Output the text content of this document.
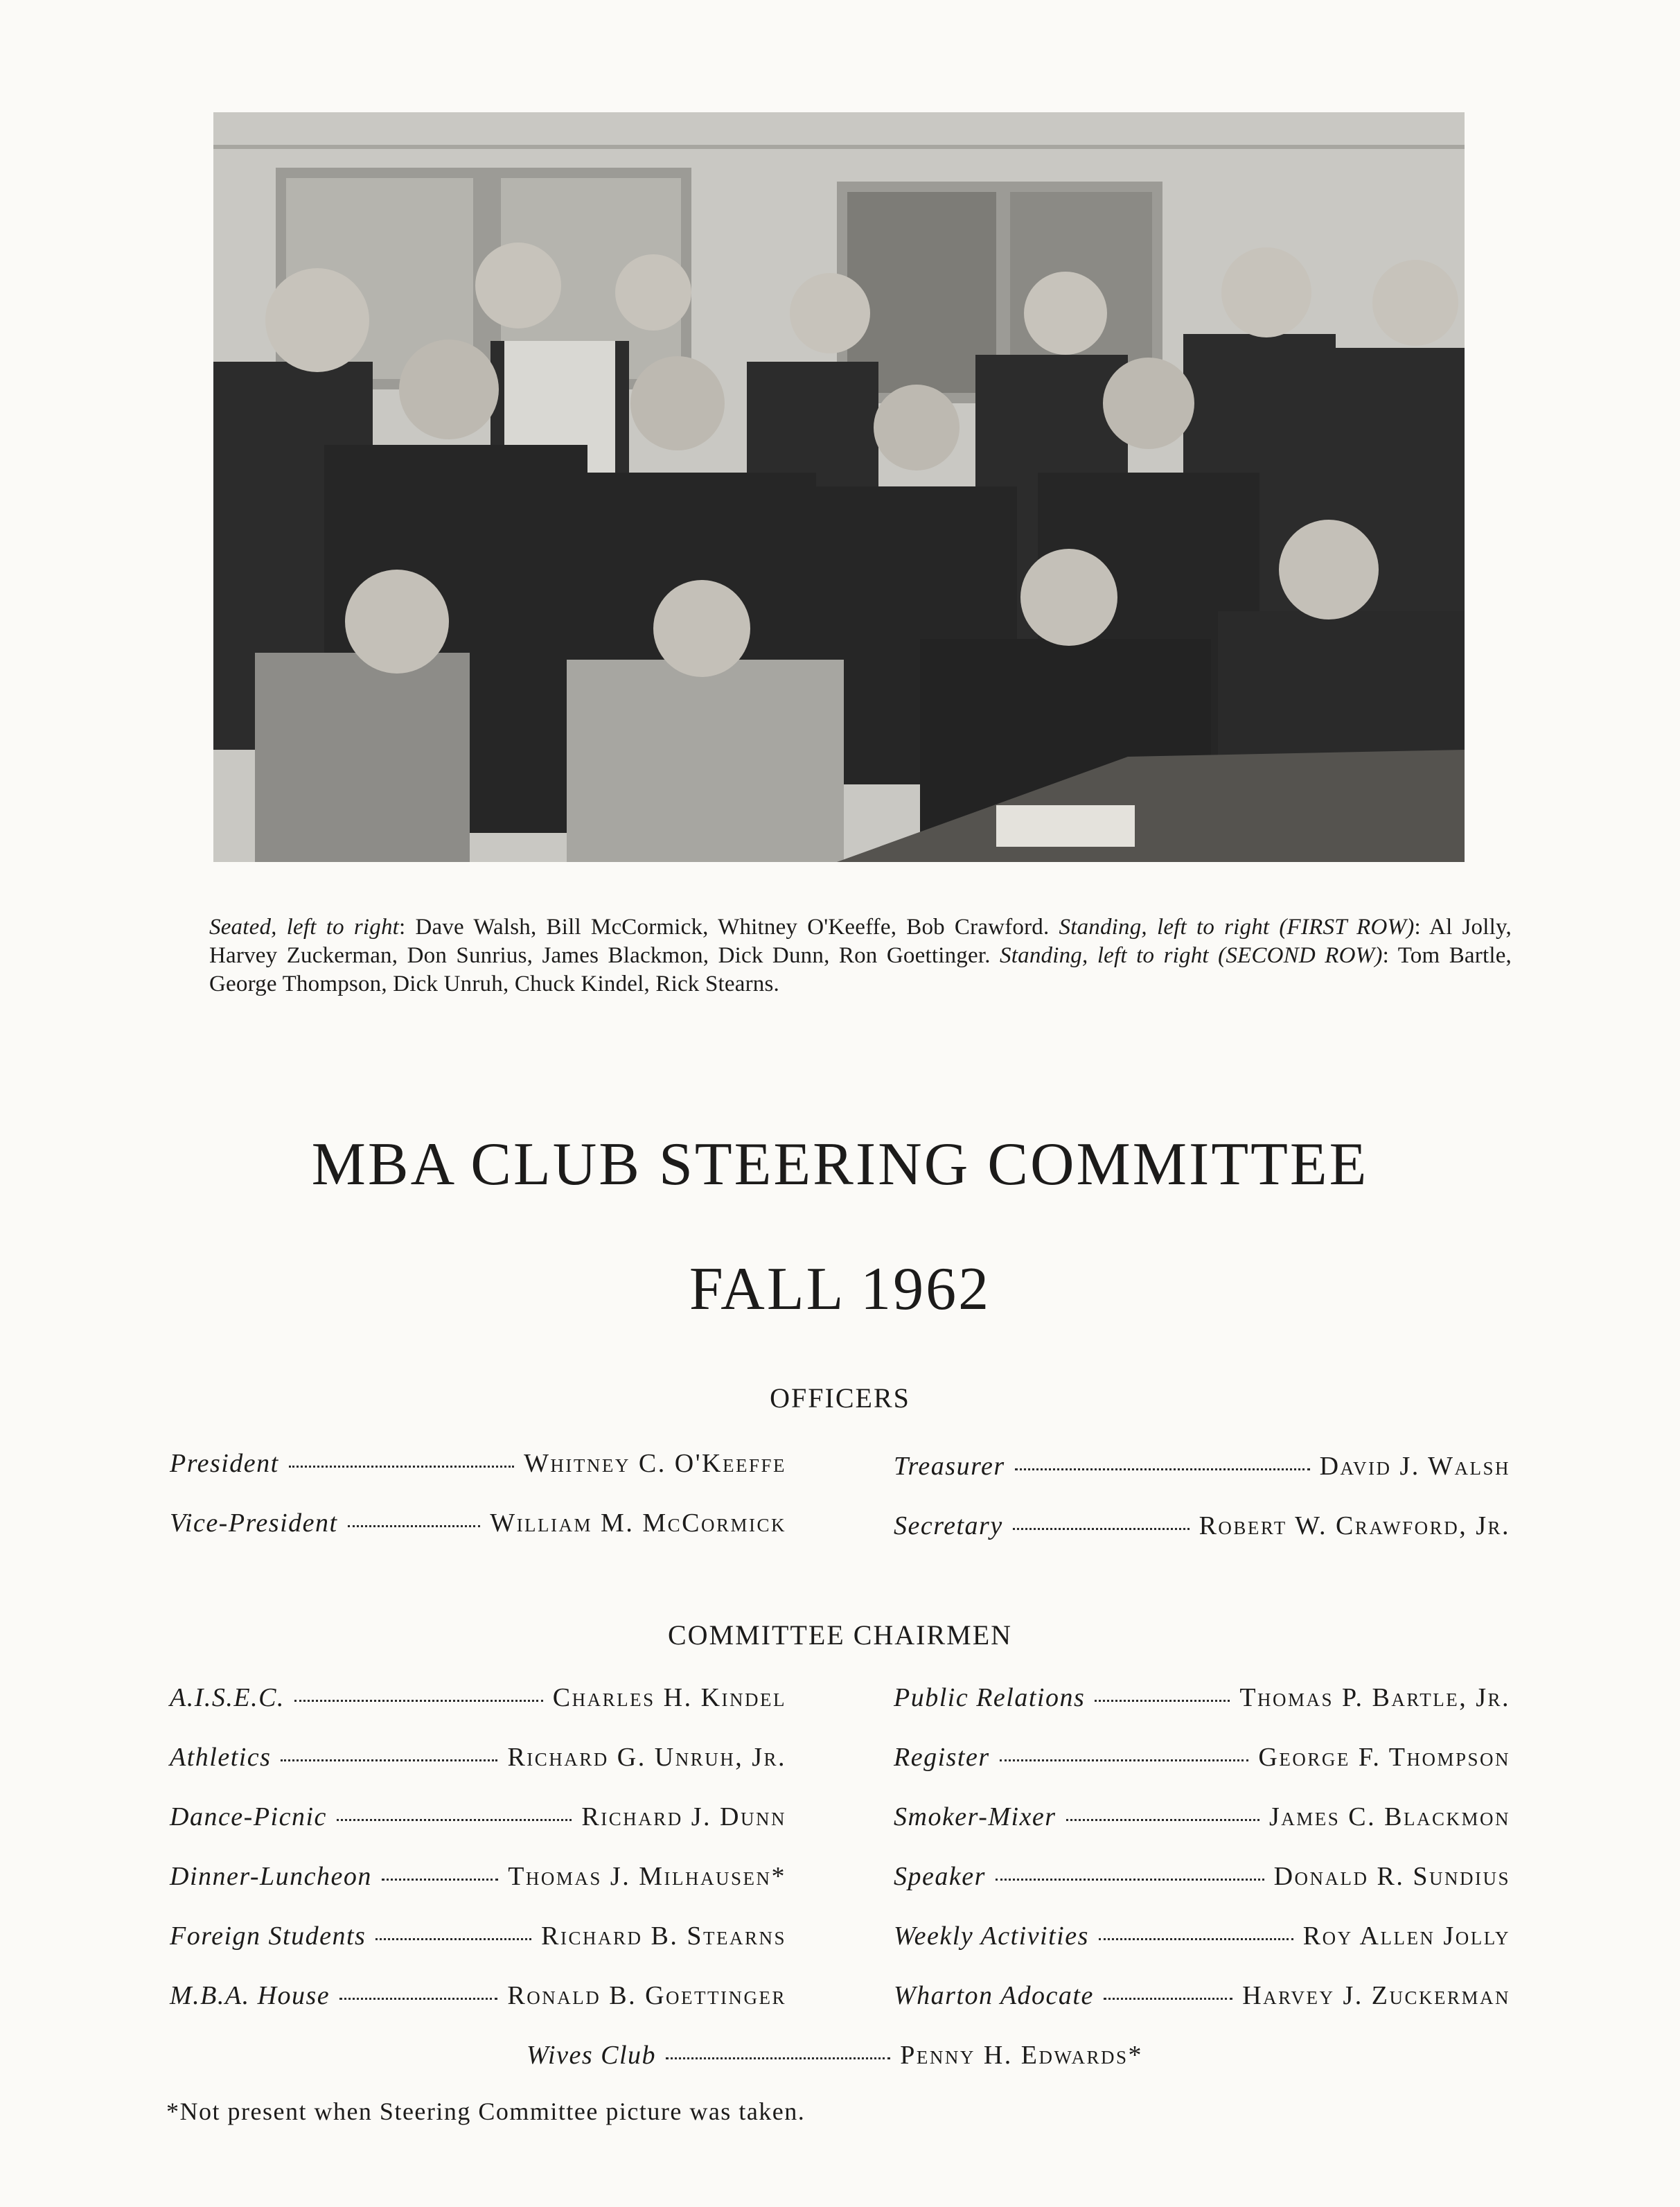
Seated, left to right: Dave Walsh, Bill McCormick, Whitney O'Keeffe, Bob Crawford. Standing, left to right (FIRST ROW): Al Jolly, Harvey Zuckerman, Don Sunrius, James Blackmon, Dick Dunn, Ron Goettinger. Standing, left to right (SECOND ROW): Tom Bartle, George Thompson, Dick Unruh, Chuck Kindel, Rick Stearns.
MBA CLUB STEERING COMMITTEE
FALL 1962
OFFICERS
President	Whitney C. O'Keeffe
Vice-President	William M. McCormick
Treasurer	David J. Walsh
Secretary	Robert W. Crawford, Jr.
COMMITTEE CHAIRMEN
A.I.S.E.C.	Charles H. Kindel
Athletics	Richard G. Unruh, Jr.
Dance-Picnic	Richard J. Dunn
Dinner-Luncheon	Thomas J. Milhausen*
Foreign Students	Richard B. Stearns
M.B.A. House	Ronald B. Goettinger
Public Relations	Thomas P. Bartle, Jr.
Register	George F. Thompson
Smoker-Mixer	James C. Blackmon
Speaker	Donald R. Sundius
Weekly Activities	Roy Allen Jolly
Wharton Adocate	Harvey J. Zuckerman
Wives Club	Penny H. Edwards*
*Not present when Steering Committee picture was taken.
